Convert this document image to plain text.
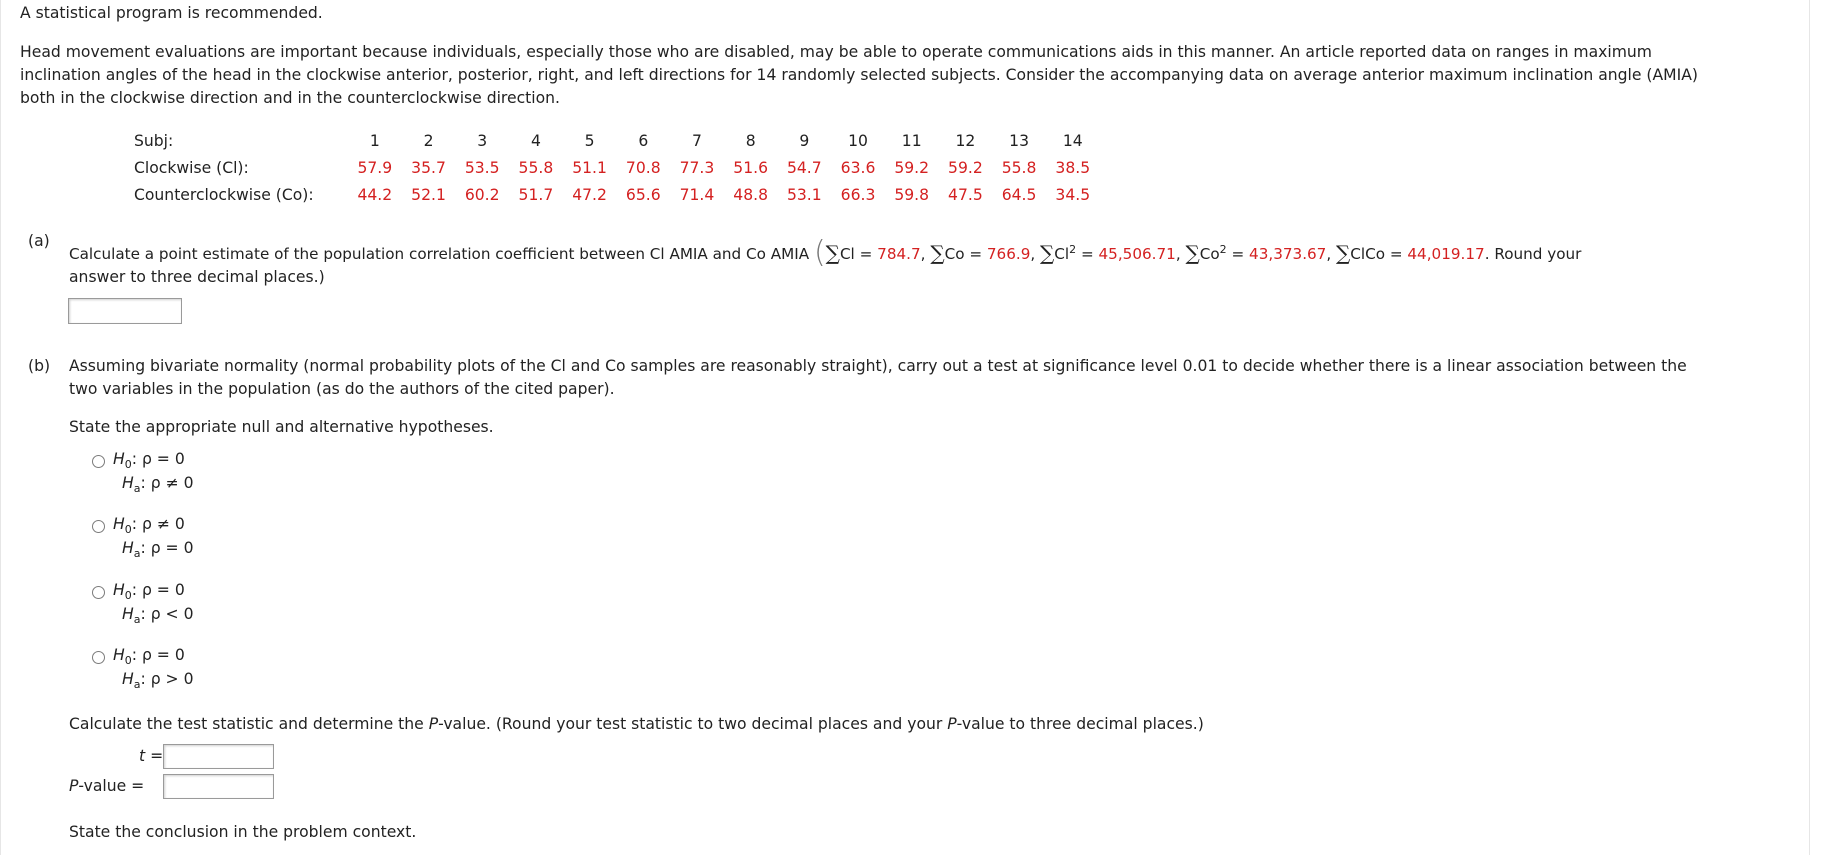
A statistical program is recommended.
Head movement evaluations are important because individuals, especially those who are disabled, may be able to operate communications aids in this manner. An article reported data on ranges in maximum
inclination angles of the head in the clockwise anterior, posterior, right, and left directions for 14 randomly selected subjects. Consider the accompanying data on average anterior maximum inclination angle (AMIA)
both in the clockwise direction and in the counterclockwise direction.
Subj:	1	2	3	4	5	6	7	8	9	10	11	12	13	14
Clockwise (Cl):	57.9	35.7	53.5	55.8	51.1	70.8	77.3	51.6	54.7	63.6	59.2	59.2	55.8	38.5
Counterclockwise (Co):	44.2	52.1	60.2	51.7	47.2	65.6	71.4	48.8	53.1	66.3	59.8	47.5	64.5	34.5
(a)
Calculate a point estimate of the population correlation coefficient between Cl AMIA and Co AMIA (∑Cl = 784.7, ∑Co = 766.9, $\sum Cl^2 = 45,506.71$, $\sum Co^2 = 43,373.67$, ∑ClCo = 44,019.17. Round your
answer to three decimal places.)
(b) Assuming bivariate normality (normal probability plots of the Cl and Co samples are reasonably straight), carry out a test at significance level 0.01 to decide whether there is a linear association between the
two variables in the population (as do the authors of the cited paper).
State the appropriate null and alternative hypotheses.
$H_0$: ρ = 0
$H_a$: ρ ≠ 0
$H_0$: ρ ≠ 0
$H_a$: ρ = 0
$H_0$: ρ = 0
$H_a$: ρ < 0
$H_0$: ρ = 0
$H_a$: ρ > 0
Calculate the test statistic and determine the P-value. (Round your test statistic to two decimal places and your P-value to three decimal places.)
t =
P-value =
State the conclusion in the problem context.
